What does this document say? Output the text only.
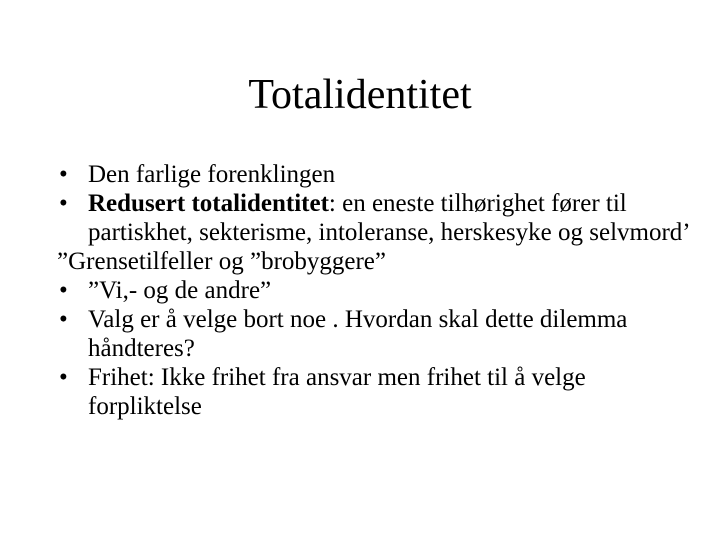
Totalidentitet

• Den farlige forenklingen

• Redusert totalidentitet: en eneste tilhørighet fører til partiskhet, sekterisme, intoleranse, herskesyke og selvmord’

”Grensetilfeller og ”brobyggere”

• ”Vi,- og de andre”

• Valg er å velge bort noe . Hvordan skal dette dilemma håndteres?

• Frihet: Ikke frihet fra ansvar men frihet til å velge forpliktelse
